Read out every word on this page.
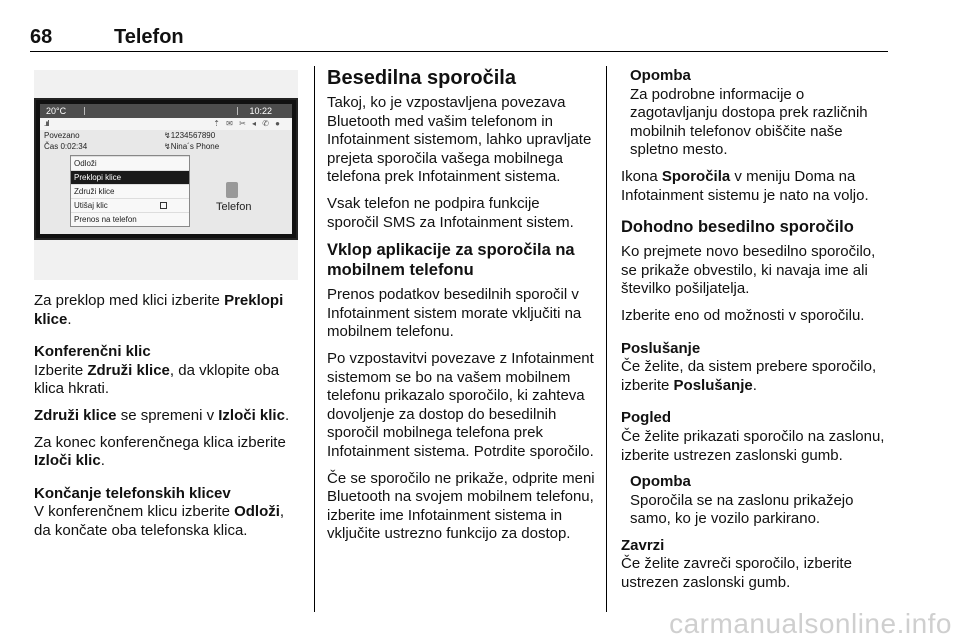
68	Telefon
20°C	10:22
.ııl	⇡ ✉ ✂ ◂ ✆ ●
Povezano
Čas 0:02:34
↯1234567890
↯Nina´s Phone
Odloži
Preklopi klice
Združi klice
Utišaj klic
Prenos na telefon
Telefon

Za preklop med klici izberite Preklopi klice.

Konferenčni klic

Izberite Združi klice, da vklopite oba klica hkrati.

Združi klice se spremeni v Izloči klic.

Za konec konferenčnega klica izberite Izloči klic.

Končanje telefonskih klicev

V konferenčnem klicu izberite Odloži, da končate oba telefonska klica.

Besedilna sporočila

Takoj, ko je vzpostavljena povezava Bluetooth med vašim telefonom in Infotainment sistemom, lahko upravljate prejeta sporočila vašega mobilnega telefona prek Infotainment sistema.

Vsak telefon ne podpira funkcije sporočil SMS za Infotainment sistem.

Vklop aplikacije za sporočila na mobilnem telefonu

Prenos podatkov besedilnih sporočil v Infotainment sistem morate vključiti na mobilnem telefonu.

Po vzpostavitvi povezave z Infotainment sistemom se bo na vašem mobilnem telefonu prikazalo sporočilo, ki zahteva dovoljenje za dostop do besedilnih sporočil mobilnega telefona prek Infotainment sistema. Potrdite sporočilo.

Če se sporočilo ne prikaže, odprite meni Bluetooth na svojem mobilnem telefonu, izberite ime Infotainment sistema in vključite ustrezno funkcijo za dostop.

Opomba

Za podrobne informacije o zagotavljanju dostopa prek različnih mobilnih telefonov obiščite naše spletno mesto.

Ikona Sporočila v meniju Doma na Infotainment sistemu je nato na voljo.

Dohodno besedilno sporočilo

Ko prejmete novo besedilno sporočilo, se prikaže obvestilo, ki navaja ime ali številko pošiljatelja.

Izberite eno od možnosti v sporočilu.

Poslušanje

Če želite, da sistem prebere sporočilo, izberite Poslušanje.

Pogled

Če želite prikazati sporočilo na zaslonu, izberite ustrezen zaslonski gumb.

Opomba

Sporočila se na zaslonu prikažejo samo, ko je vozilo parkirano.

Zavrzi

Če želite zavreči sporočilo, izberite ustrezen zaslonski gumb.

carmanualsonline.info
